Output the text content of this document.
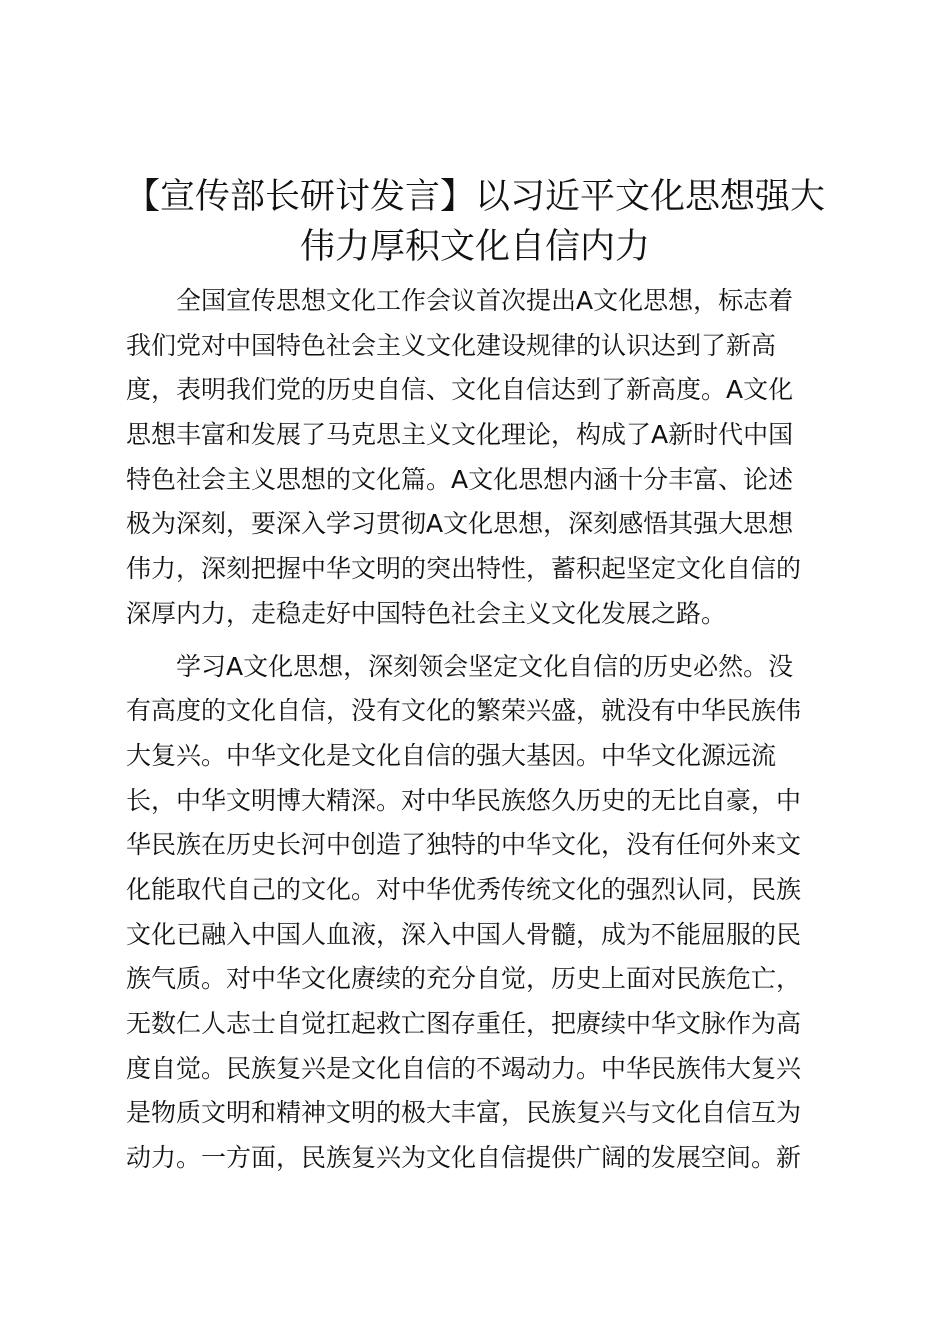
【宣传部长研讨发言】以习近平文化思想强大
伟力厚积文化自信内力
全国宣传思想文化工作会议首次提出A文化思想，标志着
我们党对中国特色社会主义文化建设规律的认识达到了新高
度，表明我们党的历史自信、文化自信达到了新高度。A文化
思想丰富和发展了马克思主义文化理论，构成了A新时代中国
特色社会主义思想的文化篇。A文化思想内涵十分丰富、论述
极为深刻，要深入学习贯彻A文化思想，深刻感悟其强大思想
伟力，深刻把握中华文明的突出特性，蓄积起坚定文化自信的
深厚内力，走稳走好中国特色社会主义文化发展之路。
学习A文化思想，深刻领会坚定文化自信的历史必然。没
有高度的文化自信，没有文化的繁荣兴盛，就没有中华民族伟
大复兴。中华文化是文化自信的强大基因。中华文化源远流
长，中华文明博大精深。对中华民族悠久历史的无比自豪，中
华民族在历史长河中创造了独特的中华文化，没有任何外来文
化能取代自己的文化。对中华优秀传统文化的强烈认同，民族
文化已融入中国人血液，深入中国人骨髓，成为不能屈服的民
族气质。对中华文化赓续的充分自觉，历史上面对民族危亡，
无数仁人志士自觉扛起救亡图存重任，把赓续中华文脉作为高
度自觉。民族复兴是文化自信的不竭动力。中华民族伟大复兴
是物质文明和精神文明的极大丰富，民族复兴与文化自信互为
动力。一方面，民族复兴为文化自信提供广阔的发展空间。新
